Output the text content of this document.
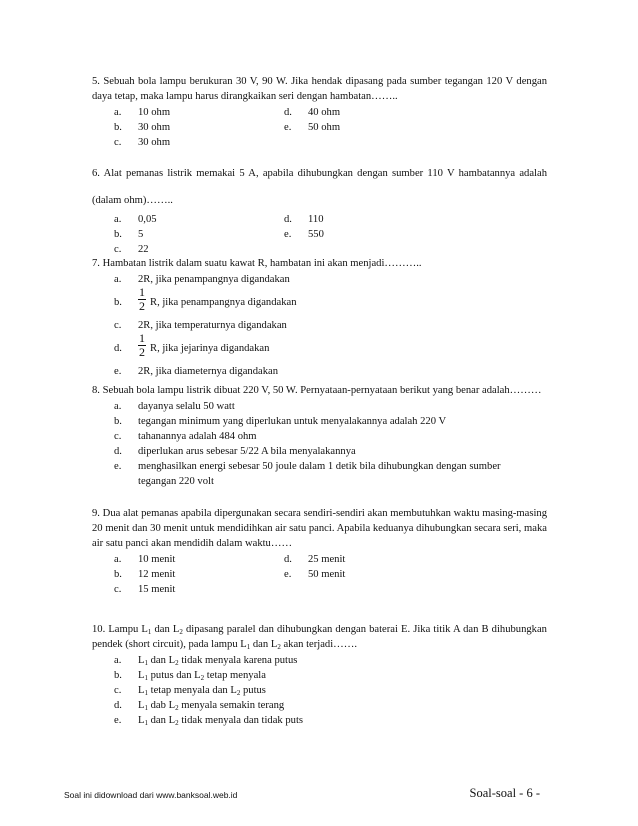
5. Sebuah bola lampu berukuran 30 V, 90 W. Jika hendak dipasang pada sumber tegangan 120 V dengan daya tetap, maka lampu harus dirangkaikan seri dengan hambatan……..

a.	10 ohm	d.	40 ohm
b.	30 ohm	e.	50 ohm
c.	30 ohm

6. Alat pemanas listrik memakai 5 A, apabila dihubungkan dengan sumber 110 V hambatannya adalah (dalam ohm)……..

a.	0,05	d.	110
b.	5	e.	550
c.	22

7. Hambatan listrik dalam suatu kawat R, hambatan ini akan menjadi………..

a.	2R, jika penampangnya digandakan
b.	$\frac{1}{2} R$, jika penampangnya digandakan
c.	2R, jika temperaturnya digandakan
d.	$\frac{1}{2} R$, jika jejarinya digandakan
e.	2R, jika diameternya digandakan

8. Sebuah bola lampu listrik dibuat 220 V, 50 W. Pernyataan-pernyataan berikut yang benar adalah………

a.	dayanya selalu 50 watt
b.	tegangan minimum yang diperlukan untuk menyalakannya adalah 220 V
c.	tahanannya adalah 484 ohm
d.	diperlukan arus sebesar 5/22 A bila menyalakannya
e.	menghasilkan energi sebesar 50 joule dalam 1 detik bila dihubungkan dengan sumber
tegangan 220 volt

9. Dua alat pemanas apabila dipergunakan secara sendiri-sendiri akan membutuhkan waktu masing-masing 20 menit dan 30 menit untuk mendidihkan air satu panci. Apabila keduanya dihubungkan secara seri, maka air satu panci akan mendidih dalam waktu……

a.	10 menit	d.	25 menit
b.	12 menit	e.	50 menit
c.	15 menit

10. Lampu $L_1$ dan $L_2$ dipasang paralel dan dihubungkan dengan baterai E. Jika titik A dan B dihubungkan pendek (short circuit), pada lampu $L_1$ dan $L_2$ akan terjadi…….

a.	$L_1$ dan $L_2$ tidak menyala karena putus
b.	$L_1$ putus dan $L_2$ tetap menyala
c.	$L_1$ tetap menyala dan $L_2$ putus
d.	$L_1$ dab $L_2$ menyala semakin terang
e.	$L_1$ dan $L_2$ tidak menyala dan tidak puts
Soal ini didownload dari www.banksoal.web.id	Soal-soal - 6 -
